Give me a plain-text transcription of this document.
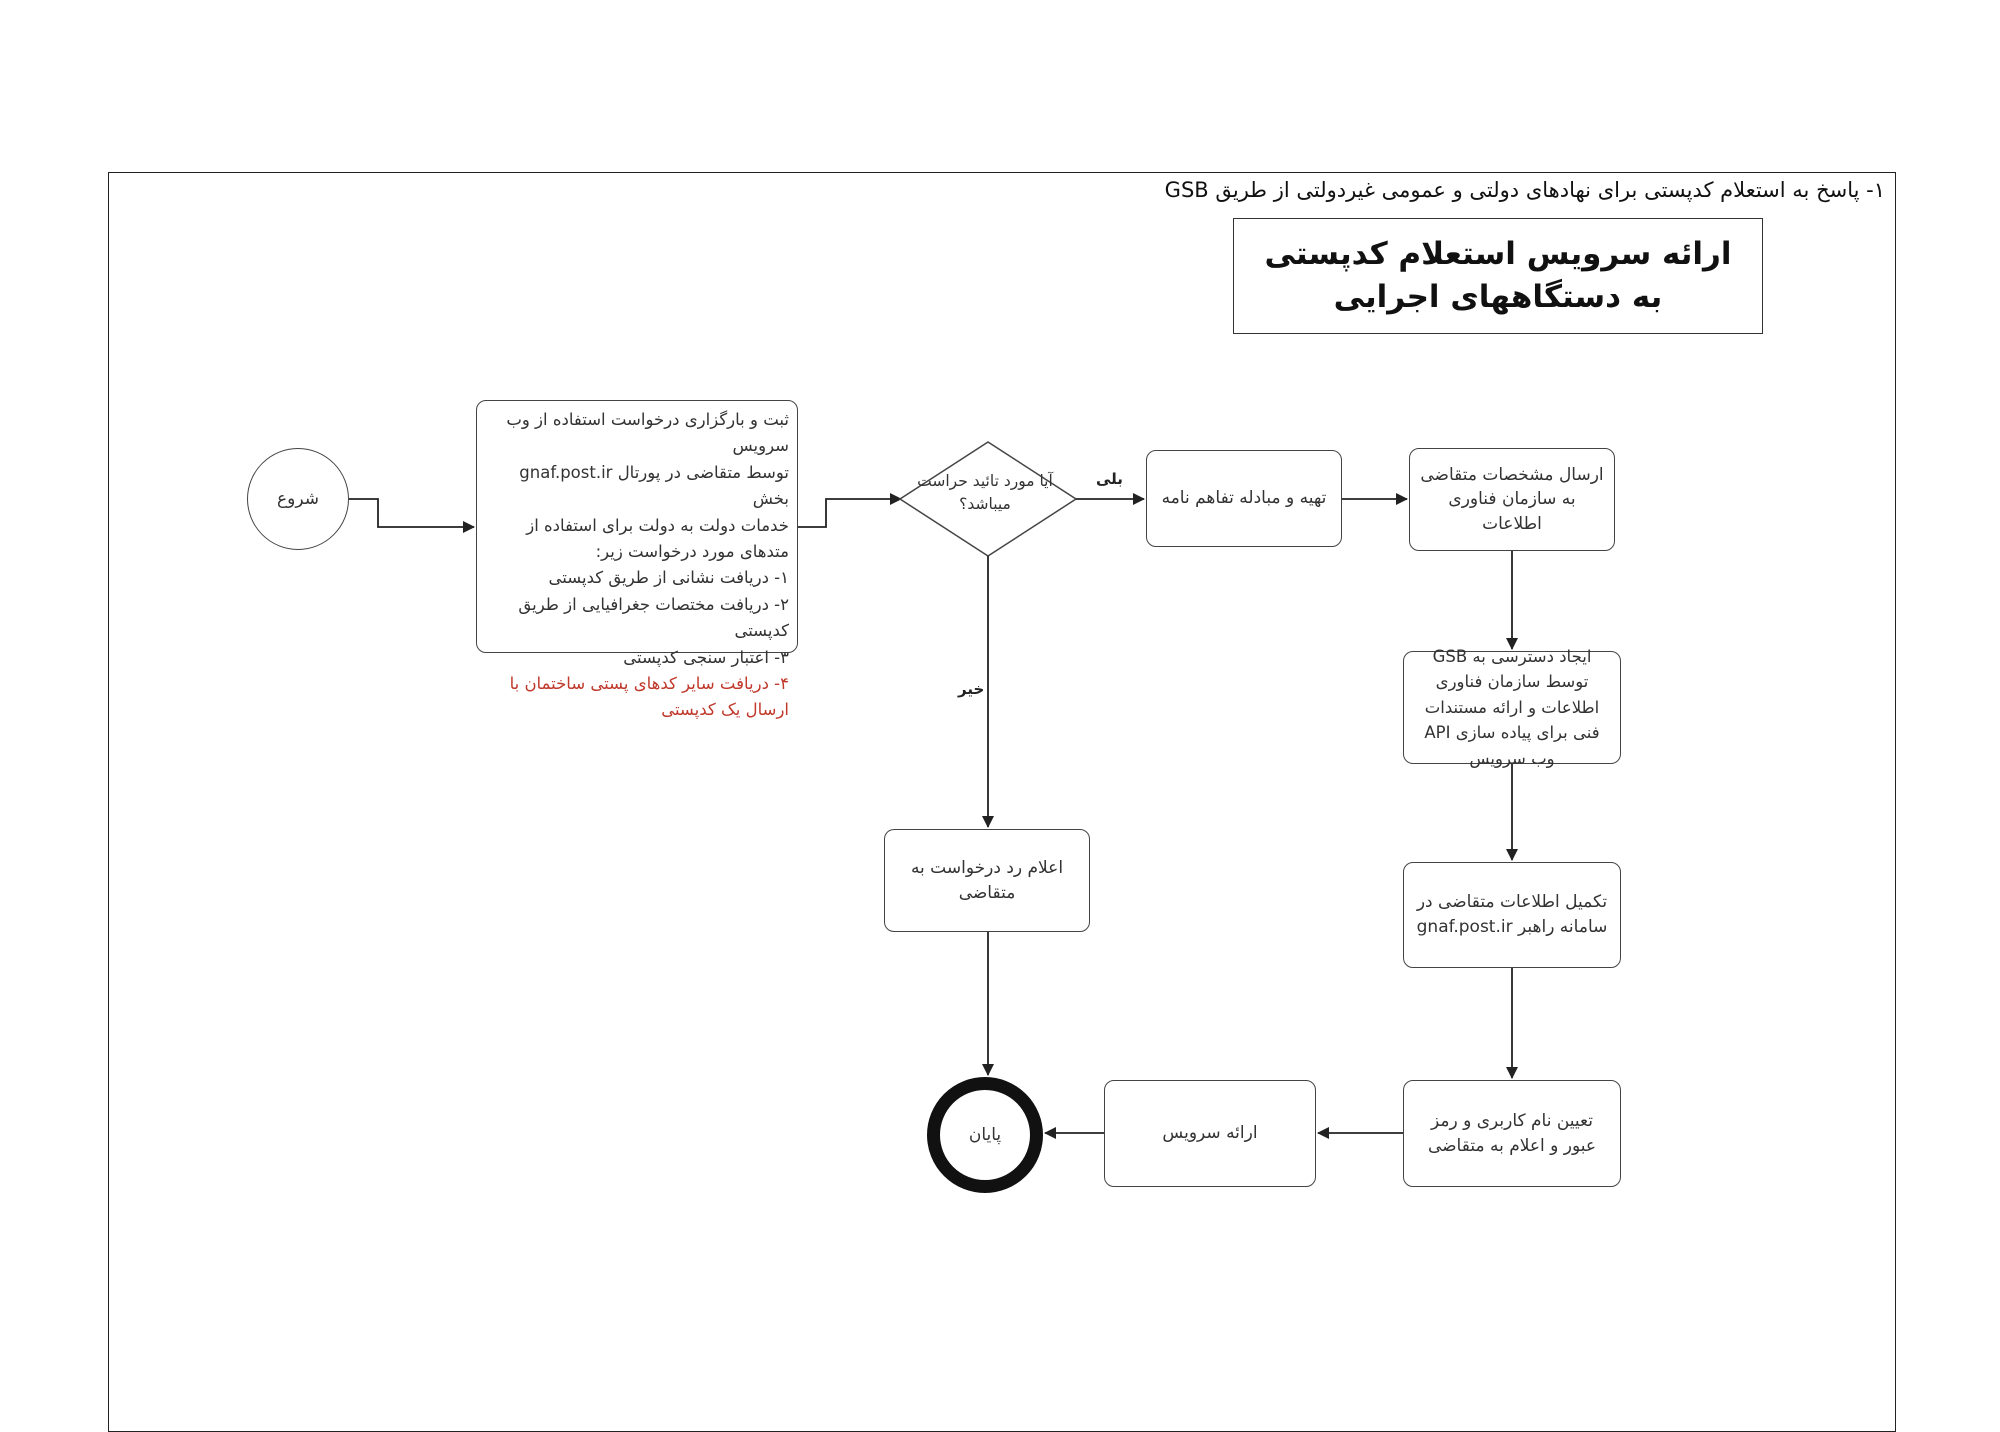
۱- پاسخ به استعلام کدپستی برای نهادهای دولتی و عمومی غیردولتی از طریق GSB
ارائه سرویس استعلام کدپستی به دستگاههای اجرایی
شروع
ثبت و بارگزاری درخواست استفاده از وب سرویس
توسط متقاضی در پورتال gnaf.post.ir بخش
خدمات دولت به دولت برای استفاده از
متدهای مورد درخواست زیر:
۱- دریافت نشانی از طریق کدپستی
۲- دریافت مختصات جغرافیایی از طریق کدپستی
۳- اعتبار سنجی کدپستی
۴- دریافت سایر کدهای پستی ساختمان با ارسال یک کدپستی
آیا مورد تائید حراست میباشد؟
بلی
خیر
تهیه و مبادله تفاهم نامه
ارسال مشخصات متقاضی به سازمان فناوری اطلاعات
ایجاد دسترسی به GSB توسط سازمان فناوری اطلاعات و ارائه مستندات فنی برای پیاده سازی API وب سرویس
تکمیل اطلاعات متقاضی در سامانه راهبر gnaf.post.ir
تعیین نام کاربری و رمز عبور و اعلام به متقاضی
ارائه سرویس
اعلام رد درخواست به متقاضی
پایان
